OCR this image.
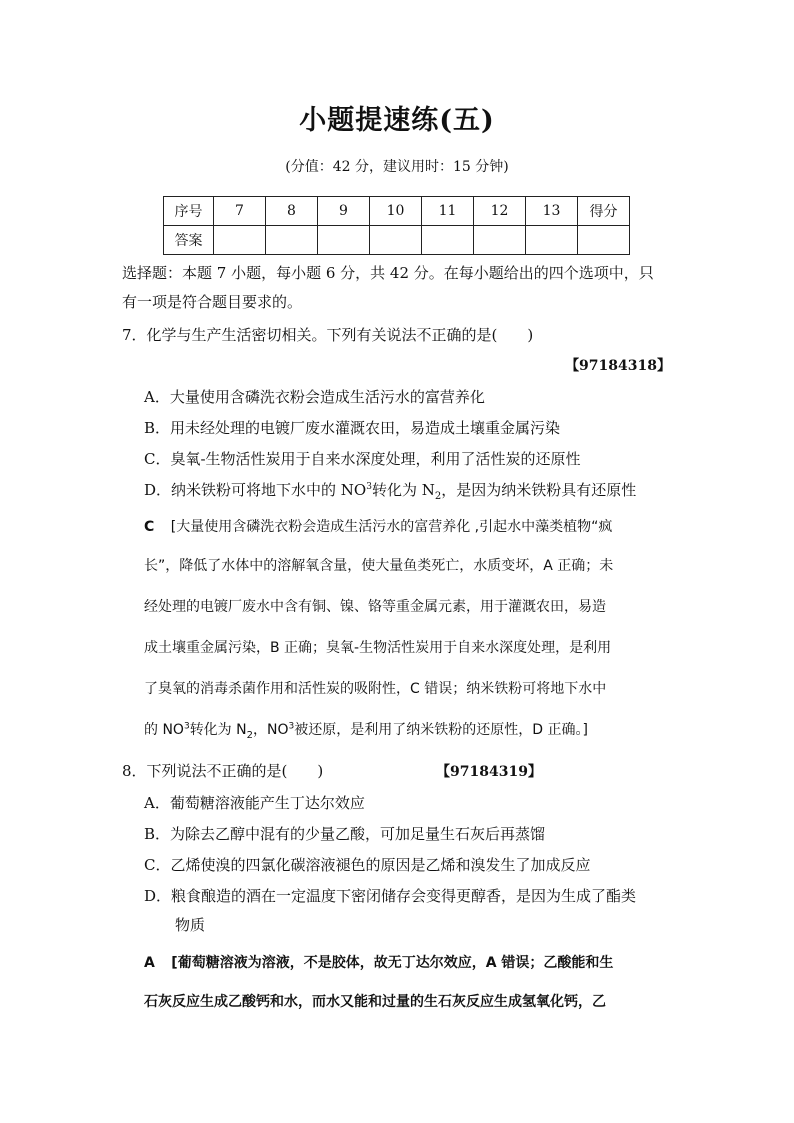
小题提速练(五)
(分值：42 分，建议用时：15 分钟)
序号	7	8	9	10	11	12	13	得分
答案								
选择题：本题 7 小题，每小题 6 分，共 42 分。在每小题给出的四个选项中，只
有一项是符合题目要求的。
7．化学与生产生活密切相关。下列有关说法不正确的是(　　)
【97184318】
A．大量使用含磷洗衣粉会造成生活污水的富营养化
B．用未经处理的电镀厂废水灌溉农田，易造成土壤重金属污染
C．臭氧-生物活性炭用于自来水深度处理，利用了活性炭的还原性
D．纳米铁粉可将地下水中的 $NO^3$转化为 $N_2$，是因为纳米铁粉具有还原性
C [大量使用含磷洗衣粉会造成生活污水的富营养化 ,引起水中藻类植物“疯
长”，降低了水体中的溶解氧含量，使大量鱼类死亡，水质变坏，A 正确；未
经处理的电镀厂废水中含有铜、镍、铬等重金属元素，用于灌溉农田，易造
成土壤重金属污染，B 正确；臭氧-生物活性炭用于自来水深度处理，是利用
了臭氧的消毒杀菌作用和活性炭的吸附性，C 错误；纳米铁粉可将地下水中
的 $NO^3$转化为 $N_2$，$NO^3$被还原，是利用了纳米铁粉的还原性，D 正确。]
8．下列说法不正确的是(　　)	【97184319】
A．葡萄糖溶液能产生丁达尔效应
B．为除去乙醇中混有的少量乙酸，可加足量生石灰后再蒸馏
C．乙烯使溴的四氯化碳溶液褪色的原因是乙烯和溴发生了加成反应
D．粮食酿造的酒在一定温度下密闭储存会变得更醇香，是因为生成了酯类
物质
A [葡萄糖溶液为溶液，不是胶体，故无丁达尔效应，A 错误；乙酸能和生
石灰反应生成乙酸钙和水，而水又能和过量的生石灰反应生成氢氧化钙，乙
